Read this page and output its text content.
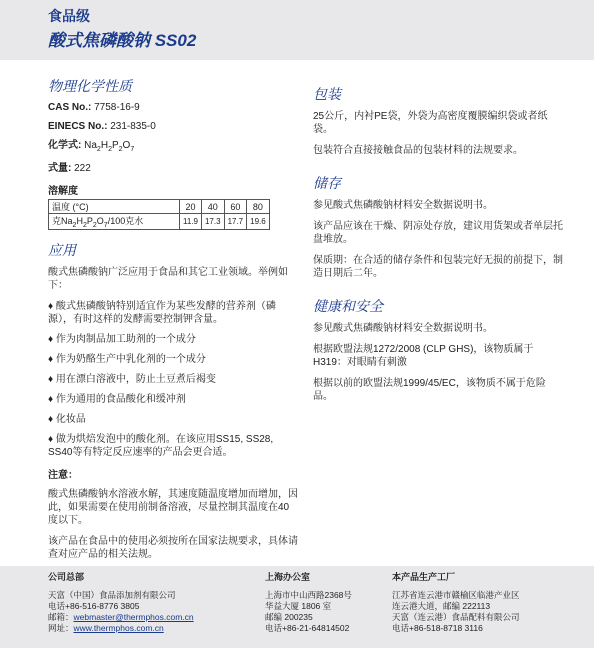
食品级
酸式焦磷酸钠 SS02
物理化学性质
CAS No.: 7758-16-9
EINECS No.: 231-835-0
化学式: $Na_2H_2P_2O_7$
式量: 222
溶解度
温度 (°C)	20	40	60	80
克$Na_2H_2P_2O_7/100$克水	11.9	17.3	17.7	19.6
应用
酸式焦磷酸钠广泛应用于食品和其它工业领域。举例如下：
♦ 酸式焦磷酸钠特别适宜作为某些发酵的营养剂（磷源），有时这样的发酵需要控制钾含量。
♦ 作为肉制品加工助剂的一个成分
♦ 作为奶酪生产中乳化剂的一个成分
♦ 用在漂白溶液中，防止土豆煮后褐变
♦ 作为通用的食品酸化和缓冲剂
♦ 化妆品
♦ 做为烘焙发泡中的酸化剂。在该应用SS15, SS28, SS40等有特定反应速率的产品会更合适。
注意：
酸式焦磷酸钠水溶液水解，其速度随温度增加而增加，因此，如果需要在使用前制备溶液，尽量控制其温度在40度以下。
该产品在食品中的使用必须按所在国家法规要求，具体请查对应产品的相关法规。
包装
25公斤，内衬PE袋，外袋为高密度覆膜编织袋或者纸袋。
包装符合直接接触食品的包装材料的法规要求。
储存
参见酸式焦磷酸钠材料安全数据说明书。
该产品应该在干燥、阴凉处存放，建议用货架或者单层托盘堆放。
保质期：在合适的储存条件和包装完好无损的前提下，制造日期后二年。
健康和安全
参见酸式焦磷酸钠材料安全数据说明书。
根据欧盟法规1272/2008 (CLP GHS)，该物质属于H319：对眼睛有刺激
根据以前的欧盟法规1999/45/EC，该物质不属于危险品。
公司总部
天富（中国）食品添加剂有限公司
电话+86-516-8776 3805
邮箱：webmaster@thermphos.com.cn
网址：www.thermphos.com.cn
上海办公室
上海市中山西路2368号
华益大厦 1806 室
邮编 200235
电话+86-21-64814502
本产品生产工厂
江苏省连云港市赣榆区临港产业区
连云港大道，邮编 222113
天富（连云港）食品配料有限公司
电话+86-518-8718 3116
